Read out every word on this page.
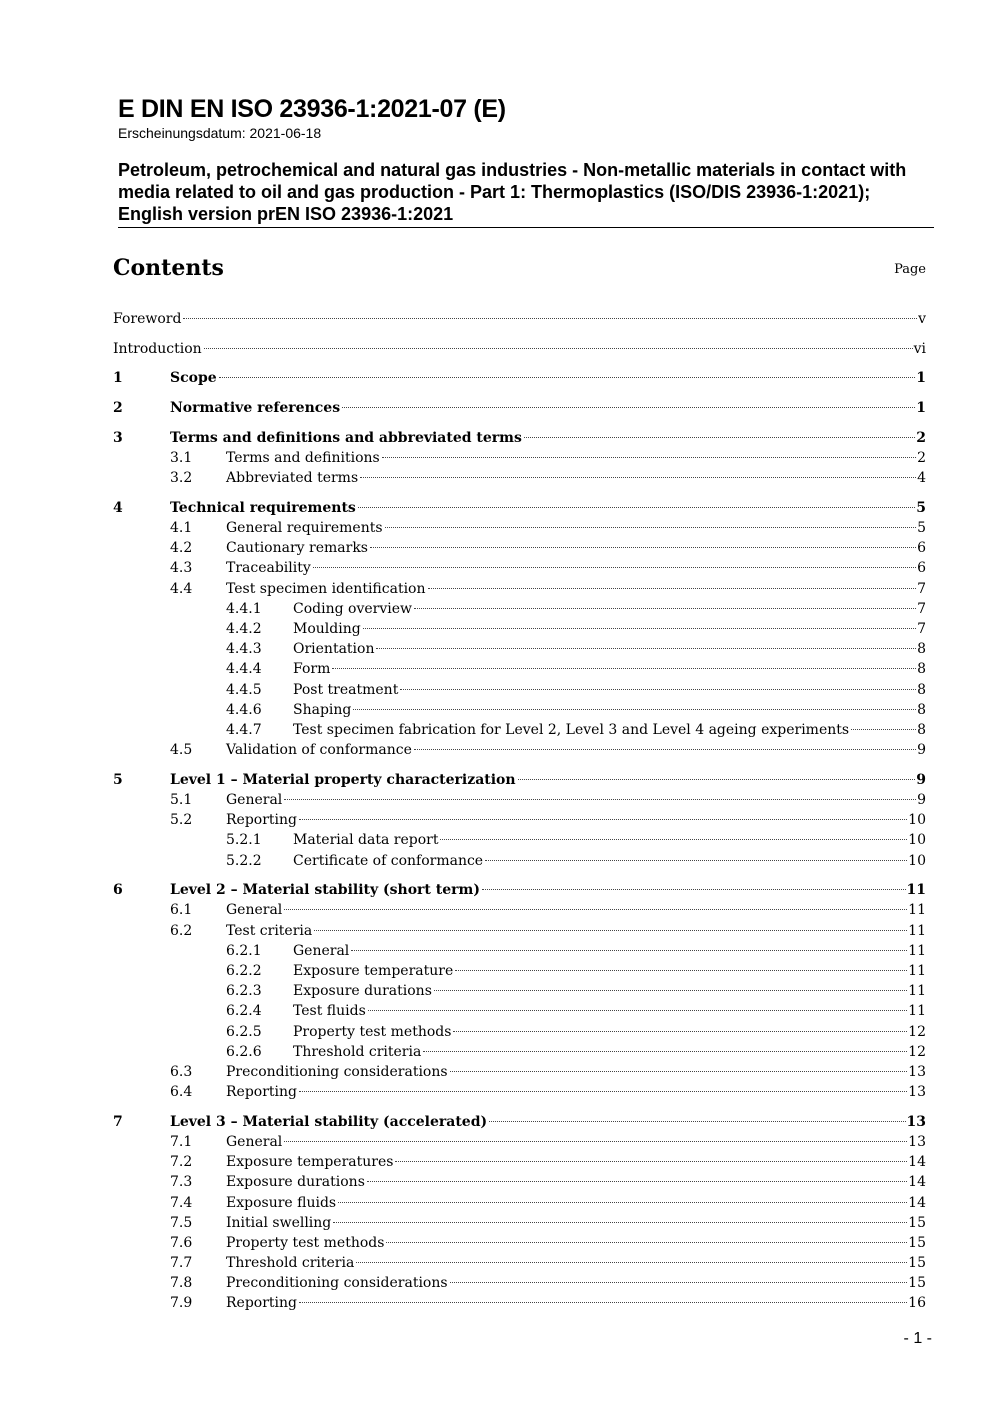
E DIN EN ISO 23936-1:2021-07 (E)

Erscheinungsdatum: 2021-06-18

Petroleum, petrochemical and natural gas industries - Non-metallic materials in contact with media related to oil and gas production - Part 1: Thermoplastics (ISO/DIS 23936-1:2021); English version prEN ISO 23936-1:2021

Contents	Page
Foreword	v
Introduction	vi
1	Scope	1
2	Normative references	1
3	Terms and definitions and abbreviated terms	2
3.1 Terms and definitions	2
3.2 Abbreviated terms	4
4	Technical requirements	5
4.1 General requirements	5
4.2 Cautionary remarks	6
4.3 Traceability	6
4.4 Test specimen identification	7
4.4.1 Coding overview	7
4.4.2 Moulding	7
4.4.3 Orientation	8
4.4.4 Form	8
4.4.5 Post treatment	8
4.4.6 Shaping	8
4.4.7 Test specimen fabrication for Level 2, Level 3 and Level 4 ageing experiments	8
4.5 Validation of conformance	9
5	Level 1 – Material property characterization	9
5.1 General	9
5.2 Reporting	10
5.2.1 Material data report	10
5.2.2 Certificate of conformance	10
6	Level 2 – Material stability (short term)	11
6.1 General	11
6.2 Test criteria	11
6.2.1 General	11
6.2.2 Exposure temperature	11
6.2.3 Exposure durations	11
6.2.4 Test fluids	11
6.2.5 Property test methods	12
6.2.6 Threshold criteria	12
6.3 Preconditioning considerations	13
6.4 Reporting	13
7	Level 3 – Material stability (accelerated)	13
7.1 General	13
7.2 Exposure temperatures	14
7.3 Exposure durations	14
7.4 Exposure fluids	14
7.5 Initial swelling	15
7.6 Property test methods	15
7.7 Threshold criteria	15
7.8 Preconditioning considerations	15
7.9 Reporting	16
- 1 -
